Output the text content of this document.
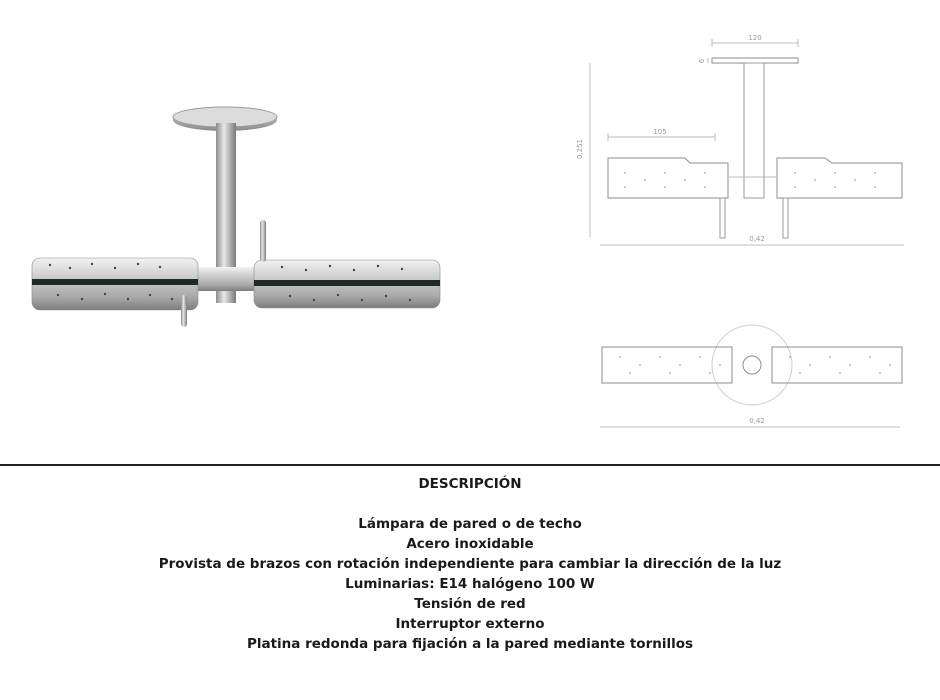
120
6
105
0,251
0,42
0,42

DESCRIPCIÓN

Lámpara de pared o de techo

Acero inoxidable

Provista de brazos con rotación independiente para cambiar la dirección de la luz

Luminarias: E14 halógeno 100 W

Tensión de red

Interruptor externo

Platina redonda para fijación a la pared mediante tornillos
